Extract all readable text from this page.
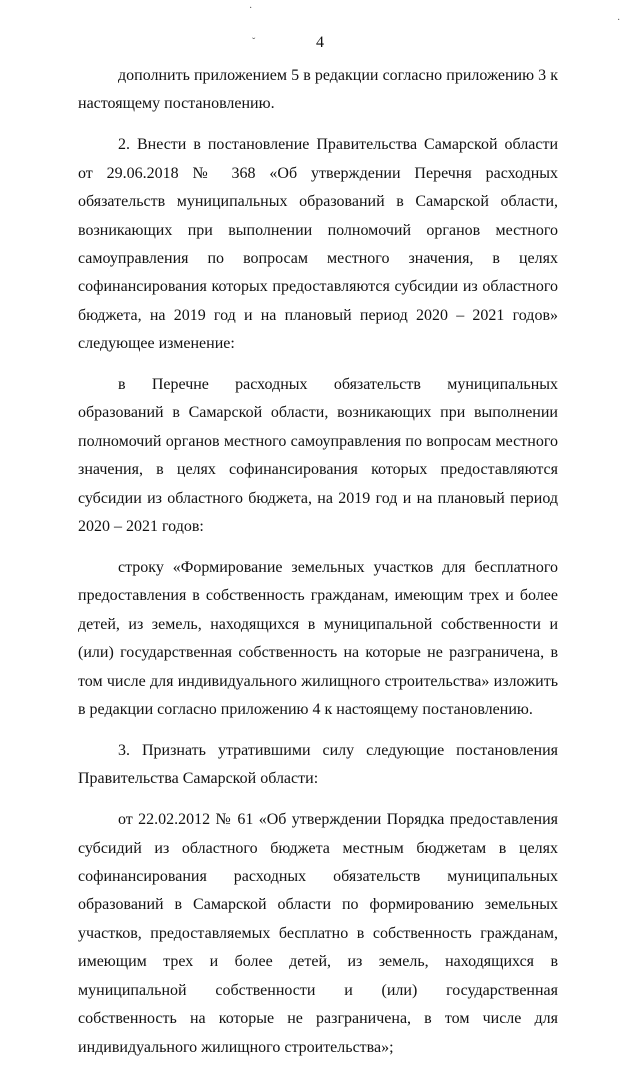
·
ˇ
·
4

дополнить приложением 5 в редакции согласно приложению 3 к настоящему постановлению.

2. Внести в постановление Правительства Самарской области от 29.06.2018 № 368 «Об утверждении Перечня расходных обязательств муниципальных образований в Самарской области, возникающих при выполнении полномочий органов местного самоуправления по вопросам местного значения, в целях софинансирования которых предоставляются субсидии из областного бюджета, на 2019 год и на плановый период 2020 – 2021 годов» следующее изменение:

в Перечне расходных обязательств муниципальных образований в Самарской области, возникающих при выполнении полномочий органов местного самоуправления по вопросам местного значения, в целях софинансирования которых предоставляются субсидии из областного бюджета, на 2019 год и на плановый период 2020 – 2021 годов:

строку «Формирование земельных участков для бесплатного предоставления в собственность гражданам, имеющим трех и более детей, из земель, находящихся в муниципальной собственности и (или) государственная собственность на которые не разграничена, в том числе для индивидуального жилищного строительства» изложить в редакции согласно приложению 4 к настоящему постановлению.

3. Признать утратившими силу следующие постановления Правительства Самарской области:

от 22.02.2012 № 61 «Об утверждении Порядка предоставления субсидий из областного бюджета местным бюджетам в целях софинансирования расходных обязательств муниципальных образований в Самарской области по формированию земельных участков, предоставляемых бесплатно в собственность гражданам, имеющим трех и более детей, из земель, находящихся в муниципальной собственности и (или) государственная собственность на которые не разграничена, в том числе для индивидуального жилищного строительства»;
